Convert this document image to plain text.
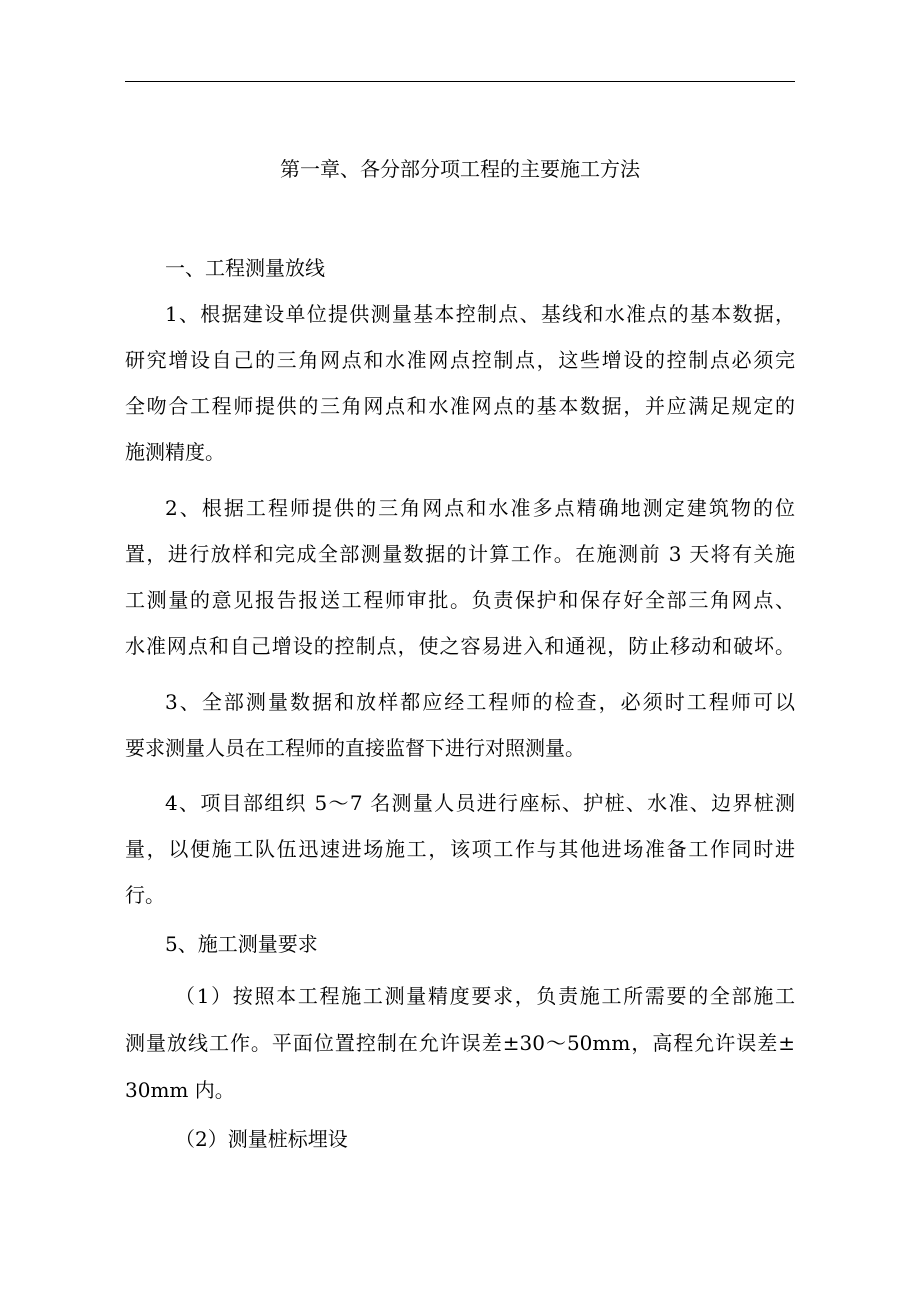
第一章、各分部分项工程的主要施工方法
一、工程测量放线
1、根据建设单位提供测量基本控制点、基线和水准点的基本数据，
研究增设自己的三角网点和水准网点控制点，这些增设的控制点必须完
全吻合工程师提供的三角网点和水准网点的基本数据，并应满足规定的
施测精度。
2、根据工程师提供的三角网点和水准多点精确地测定建筑物的位
置，进行放样和完成全部测量数据的计算工作。在施测前 3 天将有关施
工测量的意见报告报送工程师审批。负责保护和保存好全部三角网点、
水准网点和自己增设的控制点，使之容易进入和通视，防止移动和破坏。
3、全部测量数据和放样都应经工程师的检查，必须时工程师可以
要求测量人员在工程师的直接监督下进行对照测量。
4、项目部组织 5～7 名测量人员进行座标、护桩、水准、边界桩测
量，以便施工队伍迅速进场施工，该项工作与其他进场准备工作同时进
行。
5、施工测量要求
（1）按照本工程施工测量精度要求，负责施工所需要的全部施工
测量放线工作。平面位置控制在允许误差±30～50mm，高程允许误差±
30mm 内。
（2）测量桩标埋设
